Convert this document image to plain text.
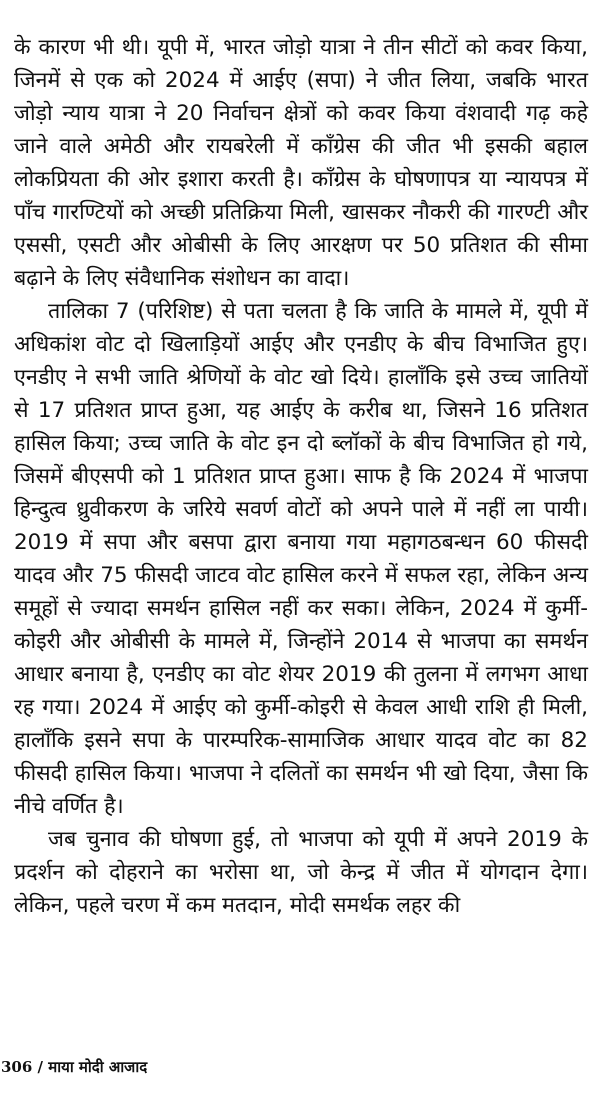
के कारण भी थी। यूपी में, भारत जोड़ो यात्रा ने तीन सीटों को कवर किया, जिनमें से एक को 2024 में आईए (सपा) ने जीत लिया, जबकि भारत जोड़ो न्याय यात्रा ने 20 निर्वाचन क्षेत्रों को कवर किया वंशवादी गढ़ कहे जाने वाले अमेठी और रायबरेली में कॉंग्रेस की जीत भी इसकी बहाल लोकप्रियता की ओर इशारा करती है। कॉंग्रेस के घोषणापत्र या न्यायपत्र में पाँच गारण्टियों को अच्छी प्रतिक्रिया मिली, खासकर नौकरी की गारण्टी और एससी, एसटी और ओबीसी के लिए आरक्षण पर 50 प्रतिशत की सीमा बढ़ाने के लिए संवैधानिक संशोधन का वादा।

तालिका 7 (परिशिष्ट) से पता चलता है कि जाति के मामले में, यूपी में अधिकांश वोट दो खिलाड़ियों आईए और एनडीए के बीच विभाजित हुए। एनडीए ने सभी जाति श्रेणियों के वोट खो दिये। हालाँकि इसे उच्च जातियों से 17 प्रतिशत प्राप्त हुआ, यह आईए के करीब था, जिसने 16 प्रतिशत हासिल किया; उच्च जाति के वोट इन दो ब्लॉकों के बीच विभाजित हो गये, जिसमें बीएसपी को 1 प्रतिशत प्राप्त हुआ। साफ है कि 2024 में भाजपा हिन्दुत्व ध्रुवीकरण के जरिये सवर्ण वोटों को अपने पाले में नहीं ला पायी। 2019 में सपा और बसपा द्वारा बनाया गया महागठबन्धन 60 फीसदी यादव और 75 फीसदी जाटव वोट हासिल करने में सफल रहा, लेकिन अन्य समूहों से ज्यादा समर्थन हासिल नहीं कर सका। लेकिन, 2024 में कुर्मी-कोइरी और ओबीसी के मामले में, जिन्होंने 2014 से भाजपा का समर्थन आधार बनाया है, एनडीए का वोट शेयर 2019 की तुलना में लगभग आधा रह गया। 2024 में आईए को कुर्मी-कोइरी से केवल आधी राशि ही मिली, हालाँकि इसने सपा के पारम्परिक-सामाजिक आधार यादव वोट का 82 फीसदी हासिल किया। भाजपा ने दलितों का समर्थन भी खो दिया, जैसा कि नीचे वर्णित है।

जब चुनाव की घोषणा हुई, तो भाजपा को यूपी में अपने 2019 के प्रदर्शन को दोहराने का भरोसा था, जो केन्द्र में जीत में योगदान देगा। लेकिन, पहले चरण में कम मतदान, मोदी समर्थक लहर की

306 / माया मोदी आजाद
